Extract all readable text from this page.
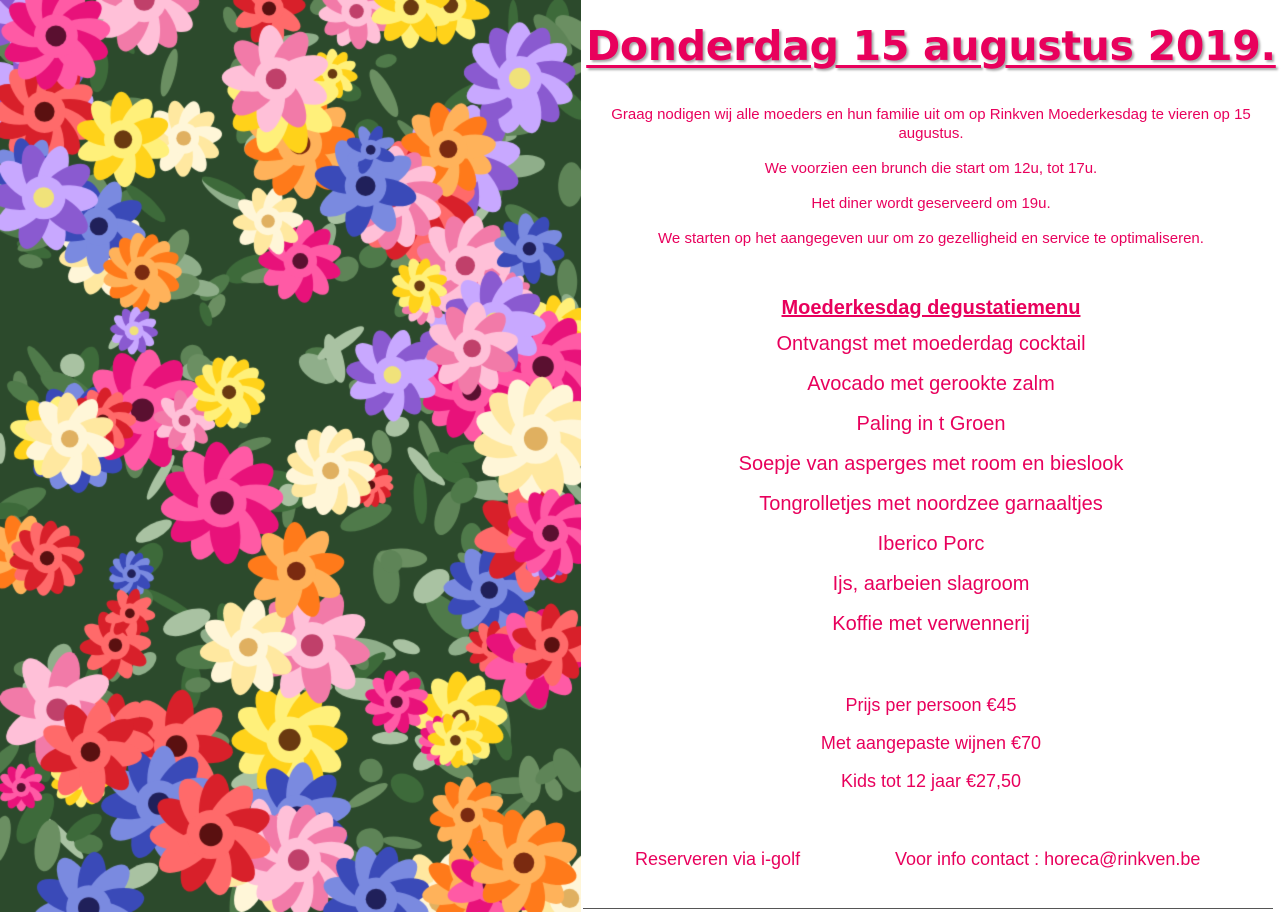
Donderdag 15 augustus 2019.

Graag nodigen wij alle moeders en hun familie uit om op Rinkven Moederkesdag te vieren op 15 augustus.

We voorzien een brunch die start om 12u, tot 17u.

Het diner wordt geserveerd om 19u.

We starten op het aangegeven uur om zo gezelligheid en service te optimaliseren.

Moederkesdag degustatiemenu
Ontvangst met moederdag cocktail
Avocado met gerookte zalm
Paling in t Groen
Soepje van asperges met room en bieslook
Tongrolletjes met noordzee garnaaltjes
Iberico Porc
Ijs, aarbeien slagroom
Koffie met verwennerij
Prijs per persoon €45
Met aangepaste wijnen €70
Kids tot 12 jaar €27,50
Reserveren via i-golf	Voor info contact : horeca@rinkven.be
